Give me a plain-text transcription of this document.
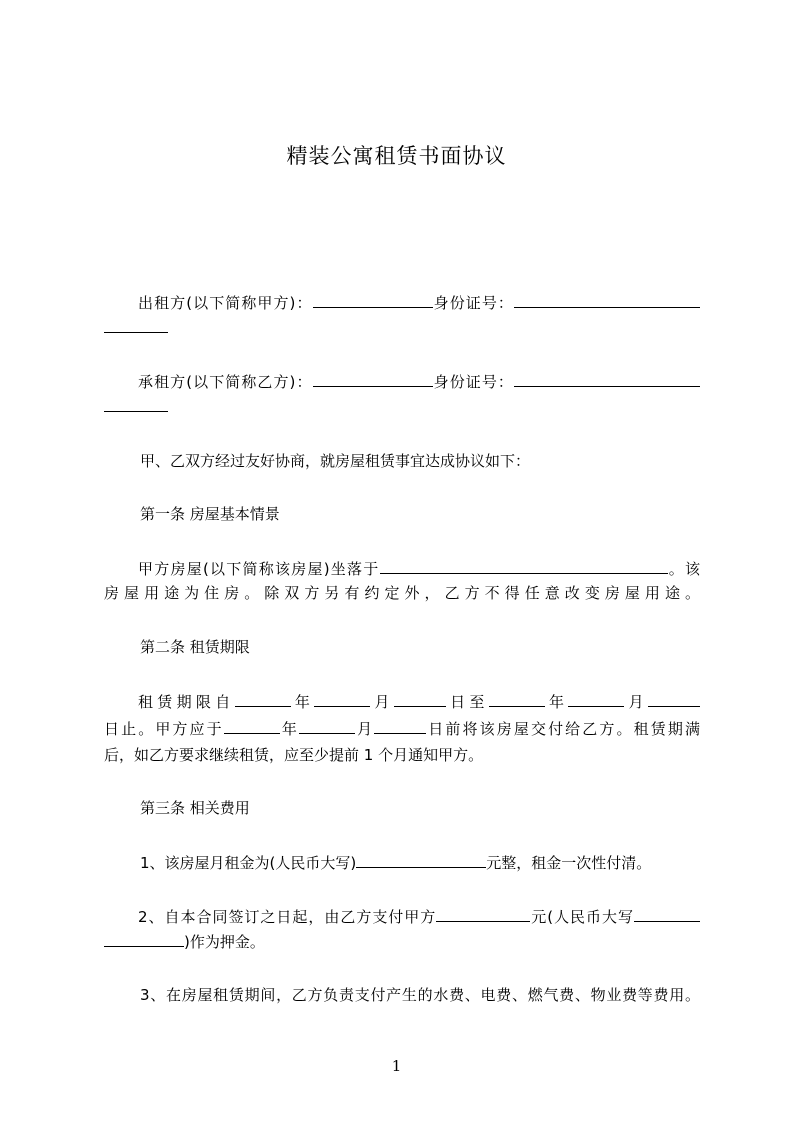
精装公寓租赁书面协议
出租方(以下简称甲方)：	身份证号：
承租方(以下简称乙方)：	身份证号：
甲、乙双方经过友好协商，就房屋租赁事宜达成协议如下：
第一条 房屋基本情景
甲方房屋(以下简称该房屋)坐落于	。该
房屋用途为住房。除双方另有约定外，乙方不得任意改变房屋用途。
第二条 租赁期限
租赁期限自	年	月	日至	年	月
日止。甲方应于	年	月	日前将该房屋交付给乙方。租赁期满
后，如乙方要求继续租赁，应至少提前 1 个月通知甲方。
第三条 相关费用
1、该房屋月租金为(人民币大写)	元整，租金一次性付清。
2、自本合同签订之日起，由乙方支付甲方	元(人民币大写
)作为押金。
3、在房屋租赁期间，乙方负责支付产生的水费、电费、燃气费、物业费等费用。
1
